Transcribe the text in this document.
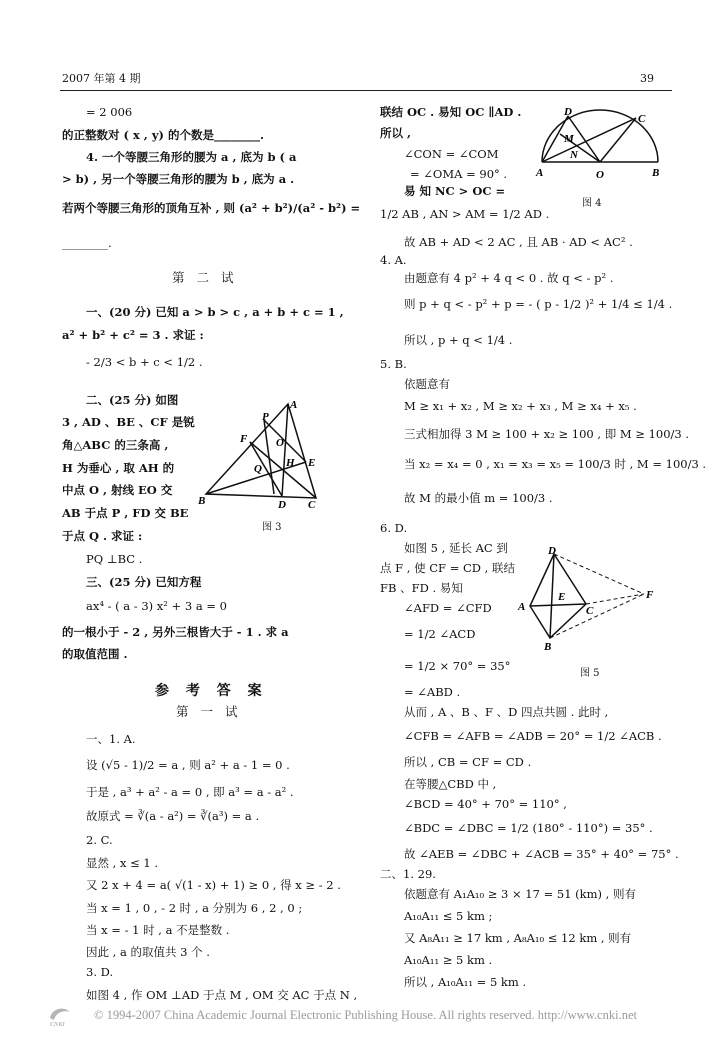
2007 年第 4 期	39
= 2 006
的正整数对 ( x , y) 的个数是________.
4. 一个等腰三角形的腰为 a , 底为 b ( a
> b) , 另一个等腰三角形的腰为 b , 底为 a .
若两个等腰三角形的顶角互补 , 则 (a² + b²)/(a² - b²) =
________.
第 二 试
一、(20 分) 已知 a > b > c , a + b + c = 1 ,
a² + b² + c² = 3 . 求证 :
- 2/3 < b + c < 1/2 .
二、(25 分) 如图
3 , AD 、BE 、CF 是锐
角△ABC 的三条高 ,
H 为垂心 , 取 AH 的
中点 O , 射线 EO 交
AB 于点 P , FD 交 BE
于点 Q . 求证 :
PQ ⊥BC .
三、(25 分) 已知方程
ax⁴ - ( a - 3) x² + 3 a = 0
的一根小于 - 2 , 另外三根皆大于 - 1 . 求 a
的取值范围 .
参 考 答 案
第 一 试
一、1. A.
设 (√5 - 1)/2 = a , 则 a² + a - 1 = 0 .
于是 , a³ + a² - a = 0 , 即 a³ = a - a² .
故原式 = ∛(a - a²) = ∛(a³) = a .
2. C.
显然 , x ≤ 1 .
又 2 x + 4 = a( √(1 - x) + 1) ≥ 0 , 得 x ≥ - 2 .
当 x = 1 , 0 , - 2 时 , a 分别为 6 , 2 , 0 ;
当 x = - 1 时 , a 不是整数 .
因此 , a 的取值共 3 个 .
3. D.
如图 4 , 作 OM ⊥AD 于点 M , OM 交 AC 于点 N ,
P
A
F	O
Q H E
B	D C
图 3
联结 OC . 易知 OC ∥AD .
所以 ,
∠CON = ∠COM
= ∠OMA = 90° .
易 知 NC > OC =
1/2 AB , AN > AM = 1/2 AD .
故 AB + AD < 2 AC , 且 AB · AD < AC² .
4. A.
由题意有 4 p² + 4 q < 0 . 故 q < - p² .
则 p + q < - p² + p = - ( p - 1/2 )² + 1/4 ≤ 1/4 .
所以 , p + q < 1/4 .
5. B.
依题意有
M ≥ x₁ + x₂ , M ≥ x₂ + x₃ , M ≥ x₄ + x₅ .
三式相加得 3 M ≥ 100 + x₂ ≥ 100 , 即 M ≥ 100/3 .
当 x₂ = x₄ = 0 , x₁ = x₃ = x₅ = 100/3 时 , M = 100/3 .
故 M 的最小值 m = 100/3 .
6. D.
如图 5 , 延长 AC 到
点 F , 使 CF = CD , 联结
FB 、FD . 易知
∠AFD = ∠CFD
= 1/2 ∠ACD
= 1/2 × 70° = 35°
= ∠ABD .
从而 , A 、B 、F 、D 四点共圆 . 此时 ,
∠CFB = ∠AFB = ∠ADB = 20° = 1/2 ∠ACB .
所以 , CB = CF = CD .
在等腰△CBD 中 ,
∠BCD = 40° + 70° = 110° ,
∠BDC = ∠DBC = 1/2 (180° - 110°) = 35° .
故 ∠AEB = ∠DBC + ∠ACB = 35° + 40° = 75° .
二、1. 29.
依题意有 A₁A₁₀ ≥ 3 × 17 = 51 (km) , 则有
A₁₀A₁₁ ≤ 5 km ;
又 A₈A₁₁ ≥ 17 km , A₈A₁₀ ≤ 12 km , 则有
A₁₀A₁₁ ≥ 5 km .
所以 , A₁₀A₁₁ = 5 km .
D
C
M
N
A	O	B
图 4
D
A
E
C
F
B
图 5
CNKI
© 1994-2007 China Academic Journal Electronic Publishing House. All rights reserved. http://www.cnki.net
